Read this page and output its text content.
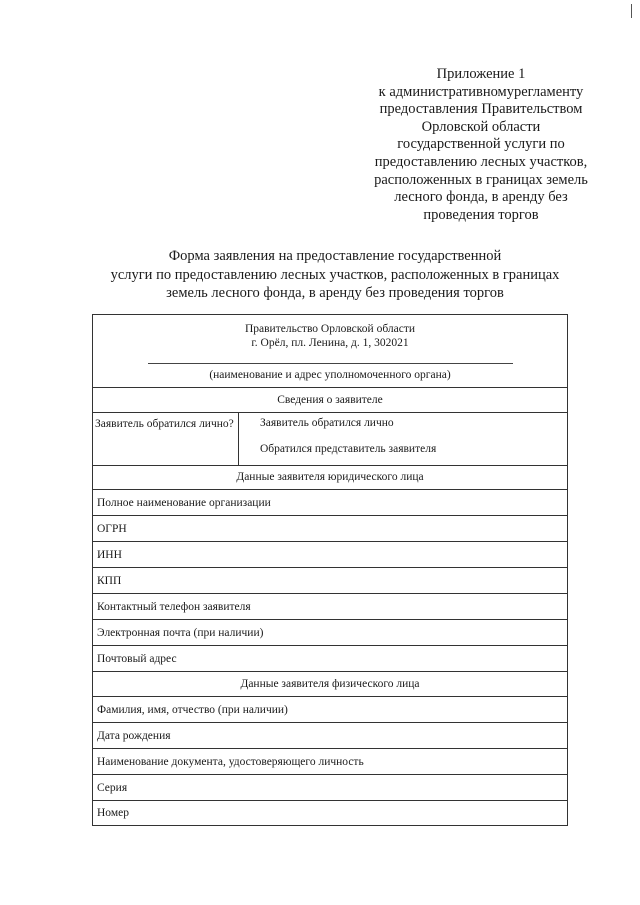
Приложение 1
к административномурегламенту
предоставления Правительством
Орловской области
государственной услуги по
предоставлению лесных участков,
расположенных в границах земель
лесного фонда, в аренду без
проведения торгов
Форма заявления на предоставление государственной
услуги по предоставлению лесных участков, расположенных в границах
земель лесного фонда, в аренду без проведения торгов
Правительство Орловской области
г. Орёл, пл. Ленина, д. 1, 302021
(наименование и адрес уполномоченного органа)
Сведения о заявителе
Заявитель обратился лично?	Заявитель обратился лично
Обратился представитель заявителя
Данные заявителя юридического лица
Полное наименование организации
ОГРН
ИНН
КПП
Контактный телефон заявителя
Электронная почта (при наличии)
Почтовый адрес
Данные заявителя физического лица
Фамилия, имя, отчество (при наличии)
Дата рождения
Наименование документа, удостоверяющего личность
Серия
Номер
